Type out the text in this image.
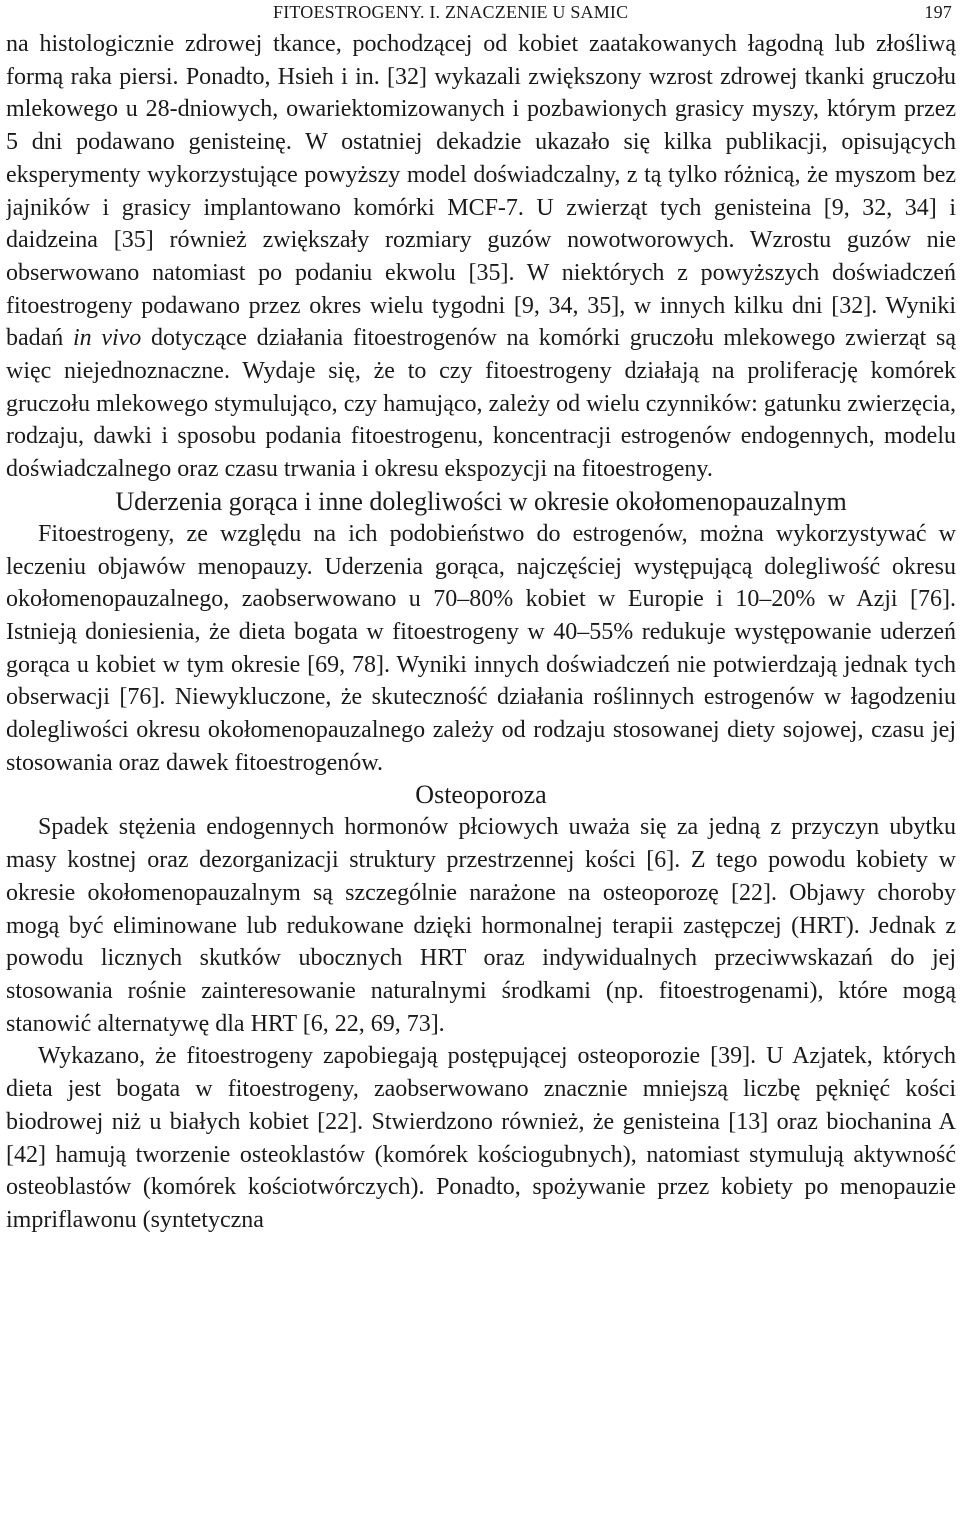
FITOESTROGENY. I. ZNACZENIE U SAMIC	197

na histologicznie zdrowej tkance, pochodzącej od kobiet zaatakowanych łagodną lub złośliwą formą raka piersi. Ponadto, Hsieh i in. [32] wykazali zwiększony wzrost zdrowej tkanki gruczołu mlekowego u 28-dniowych, owariektomizowanych i pozbawionych grasicy myszy, którym przez 5 dni podawano genisteinę. W ostatniej dekadzie ukazało się kilka publikacji, opisujących eksperymenty wykorzystujące powyższy model doświadczalny, z tą tylko różnicą, że myszom bez jajników i grasicy implantowano komórki MCF-7. U zwierząt tych genisteina [9, 32, 34] i daidzeina [35] również zwiększały rozmiary guzów nowotworowych. Wzrostu guzów nie obserwowano natomiast po podaniu ekwolu [35]. W niektórych z powyższych doświadczeń fitoestrogeny podawano przez okres wielu tygodni [9, 34, 35], w innych kilku dni [32]. Wyniki badań in vivo dotyczące działania fitoestrogenów na komórki gruczołu mlekowego zwierząt są więc niejednoznaczne. Wydaje się, że to czy fitoestrogeny działają na proliferację komórek gruczołu mlekowego stymulująco, czy hamująco, zależy od wielu czynników: gatunku zwierzęcia, rodzaju, dawki i sposobu podania fitoestrogenu, koncentracji estrogenów endogennych, modelu doświadczalnego oraz czasu trwania i okresu ekspozycji na fitoestrogeny.

Uderzenia gorąca i inne dolegliwości w okresie okołomenopauzalnym

Fitoestrogeny, ze względu na ich podobieństwo do estrogenów, można wykorzystywać w leczeniu objawów menopauzy. Uderzenia gorąca, najczęściej występującą dolegliwość okresu okołomenopauzalnego, zaobserwowano u 70–80% kobiet w Europie i 10–20% w Azji [76]. Istnieją doniesienia, że dieta bogata w fitoestrogeny w 40–55% redukuje występowanie uderzeń gorąca u kobiet w tym okresie [69, 78]. Wyniki innych doświadczeń nie potwierdzają jednak tych obserwacji [76]. Niewykluczone, że skuteczność działania roślinnych estrogenów w łagodzeniu dolegliwości okresu okołomenopauzalnego zależy od rodzaju stosowanej diety sojowej, czasu jej stosowania oraz dawek fitoestrogenów.

Osteoporoza

Spadek stężenia endogennych hormonów płciowych uważa się za jedną z przyczyn ubytku masy kostnej oraz dezorganizacji struktury przestrzennej kości [6]. Z tego powodu kobiety w okresie okołomenopauzalnym są szczególnie narażone na osteoporozę [22]. Objawy choroby mogą być eliminowane lub redukowane dzięki hormonalnej terapii zastępczej (HRT). Jednak z powodu licznych skutków ubocznych HRT oraz indywidualnych przeciwwskazań do jej stosowania rośnie zainteresowanie naturalnymi środkami (np. fitoestrogenami), które mogą stanowić alternatywę dla HRT [6, 22, 69, 73].

Wykazano, że fitoestrogeny zapobiegają postępującej osteoporozie [39]. U Azjatek, których dieta jest bogata w fitoestrogeny, zaobserwowano znacznie mniejszą liczbę pęknięć kości biodrowej niż u białych kobiet [22]. Stwierdzono również, że genisteina [13] oraz biochanina A [42] hamują tworzenie osteoklastów (komórek kościogubnych), natomiast stymulują aktywność osteoblastów (komórek kościotwórczych). Ponadto, spożywanie przez kobiety po menopauzie impriflawonu (syntetyczna
